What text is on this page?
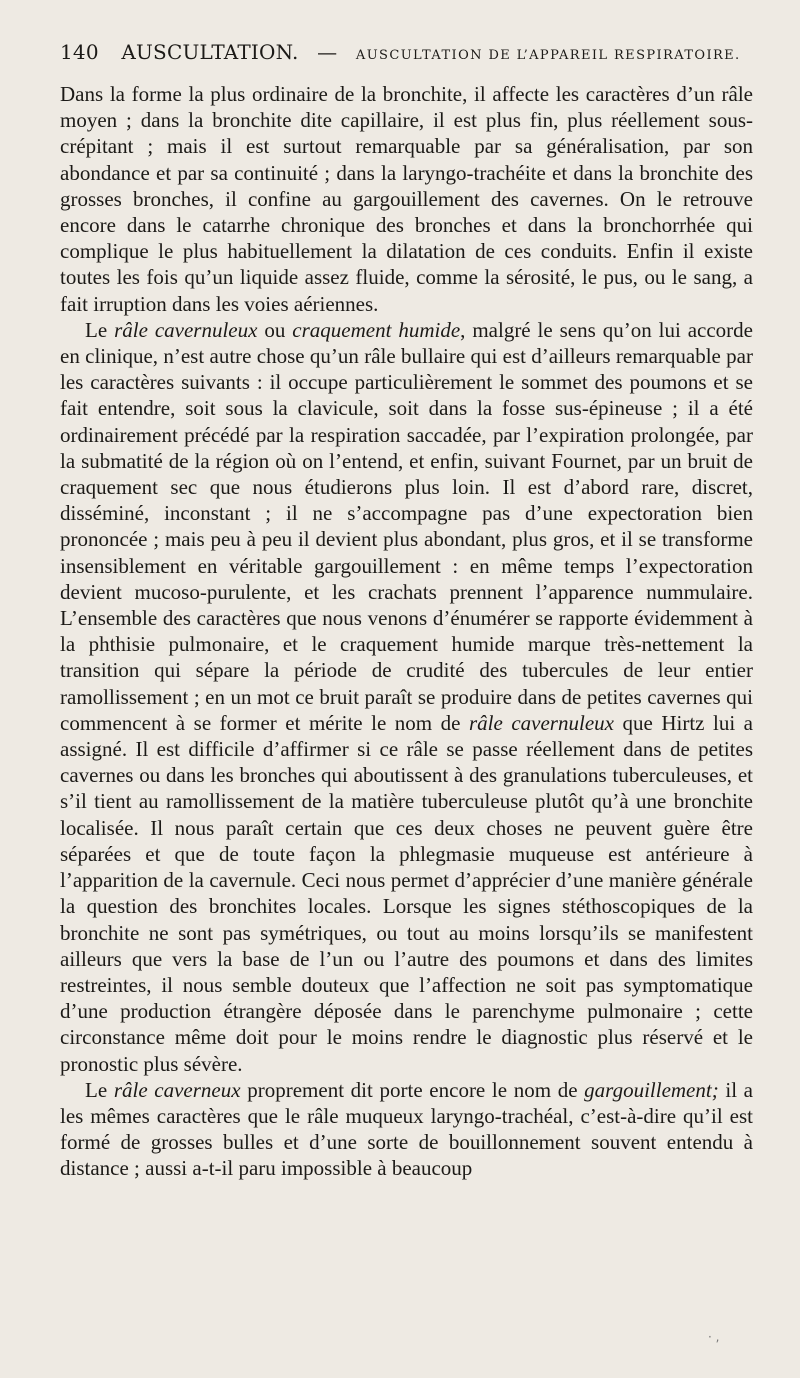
140 AUSCULTATION. — AUSCULTATION DE L’APPAREIL RESPIRATOIRE.

Dans la forme la plus ordinaire de la bronchite, il affecte les caractères d’un râle moyen ; dans la bronchite dite capillaire, il est plus fin, plus réellement sous-crépitant ; mais il est surtout remarquable par sa généralisation, par son abondance et par sa continuité ; dans la laryngo-trachéite et dans la bronchite des grosses bronches, il confine au gargouillement des cavernes. On le retrouve encore dans le catarrhe chronique des bronches et dans la bronchorrhée qui complique le plus habituellement la dilatation de ces conduits. Enfin il existe toutes les fois qu’un liquide assez fluide, comme la sérosité, le pus, ou le sang, a fait irruption dans les voies aériennes.

Le râle cavernuleux ou craquement humide, malgré le sens qu’on lui accorde en clinique, n’est autre chose qu’un râle bullaire qui est d’ailleurs remarquable par les caractères suivants : il occupe particulièrement le sommet des poumons et se fait entendre, soit sous la clavicule, soit dans la fosse sus-épineuse ; il a été ordinairement précédé par la respiration saccadée, par l’expiration prolongée, par la submatité de la région où on l’entend, et enfin, suivant Fournet, par un bruit de craquement sec que nous étudierons plus loin. Il est d’abord rare, discret, disséminé, inconstant ; il ne s’accompagne pas d’une expectoration bien prononcée ; mais peu à peu il devient plus abondant, plus gros, et il se transforme insensiblement en véritable gargouillement : en même temps l’expectoration devient mucoso-purulente, et les crachats prennent l’apparence nummulaire. L’ensemble des caractères que nous venons d’énumérer se rapporte évidemment à la phthisie pulmonaire, et le craquement humide marque très-nettement la transition qui sépare la période de crudité des tubercules de leur entier ramollissement ; en un mot ce bruit paraît se produire dans de petites cavernes qui commencent à se former et mérite le nom de râle cavernuleux que Hirtz lui a assigné. Il est difficile d’affirmer si ce râle se passe réellement dans de petites cavernes ou dans les bronches qui aboutissent à des granulations tuberculeuses, et s’il tient au ramollissement de la matière tuberculeuse plutôt qu’à une bronchite localisée. Il nous paraît certain que ces deux choses ne peuvent guère être séparées et que de toute façon la phlegmasie muqueuse est antérieure à l’apparition de la cavernule. Ceci nous permet d’apprécier d’une manière générale la question des bronchites locales. Lorsque les signes stéthoscopiques de la bronchite ne sont pas symétriques, ou tout au moins lorsqu’ils se manifestent ailleurs que vers la base de l’un ou l’autre des poumons et dans des limites restreintes, il nous semble douteux que l’affection ne soit pas symptomatique d’une production étrangère déposée dans le parenchyme pulmonaire ; cette circonstance même doit pour le moins rendre le diagnostic plus réservé et le pronostic plus sévère.

Le râle caverneux proprement dit porte encore le nom de gargouillement; il a les mêmes caractères que le râle muqueux laryngo-trachéal, c’est-à-dire qu’il est formé de grosses bulles et d’une sorte de bouillonnement souvent entendu à distance ; aussi a-t-il paru impossible à beaucoup

· ,
